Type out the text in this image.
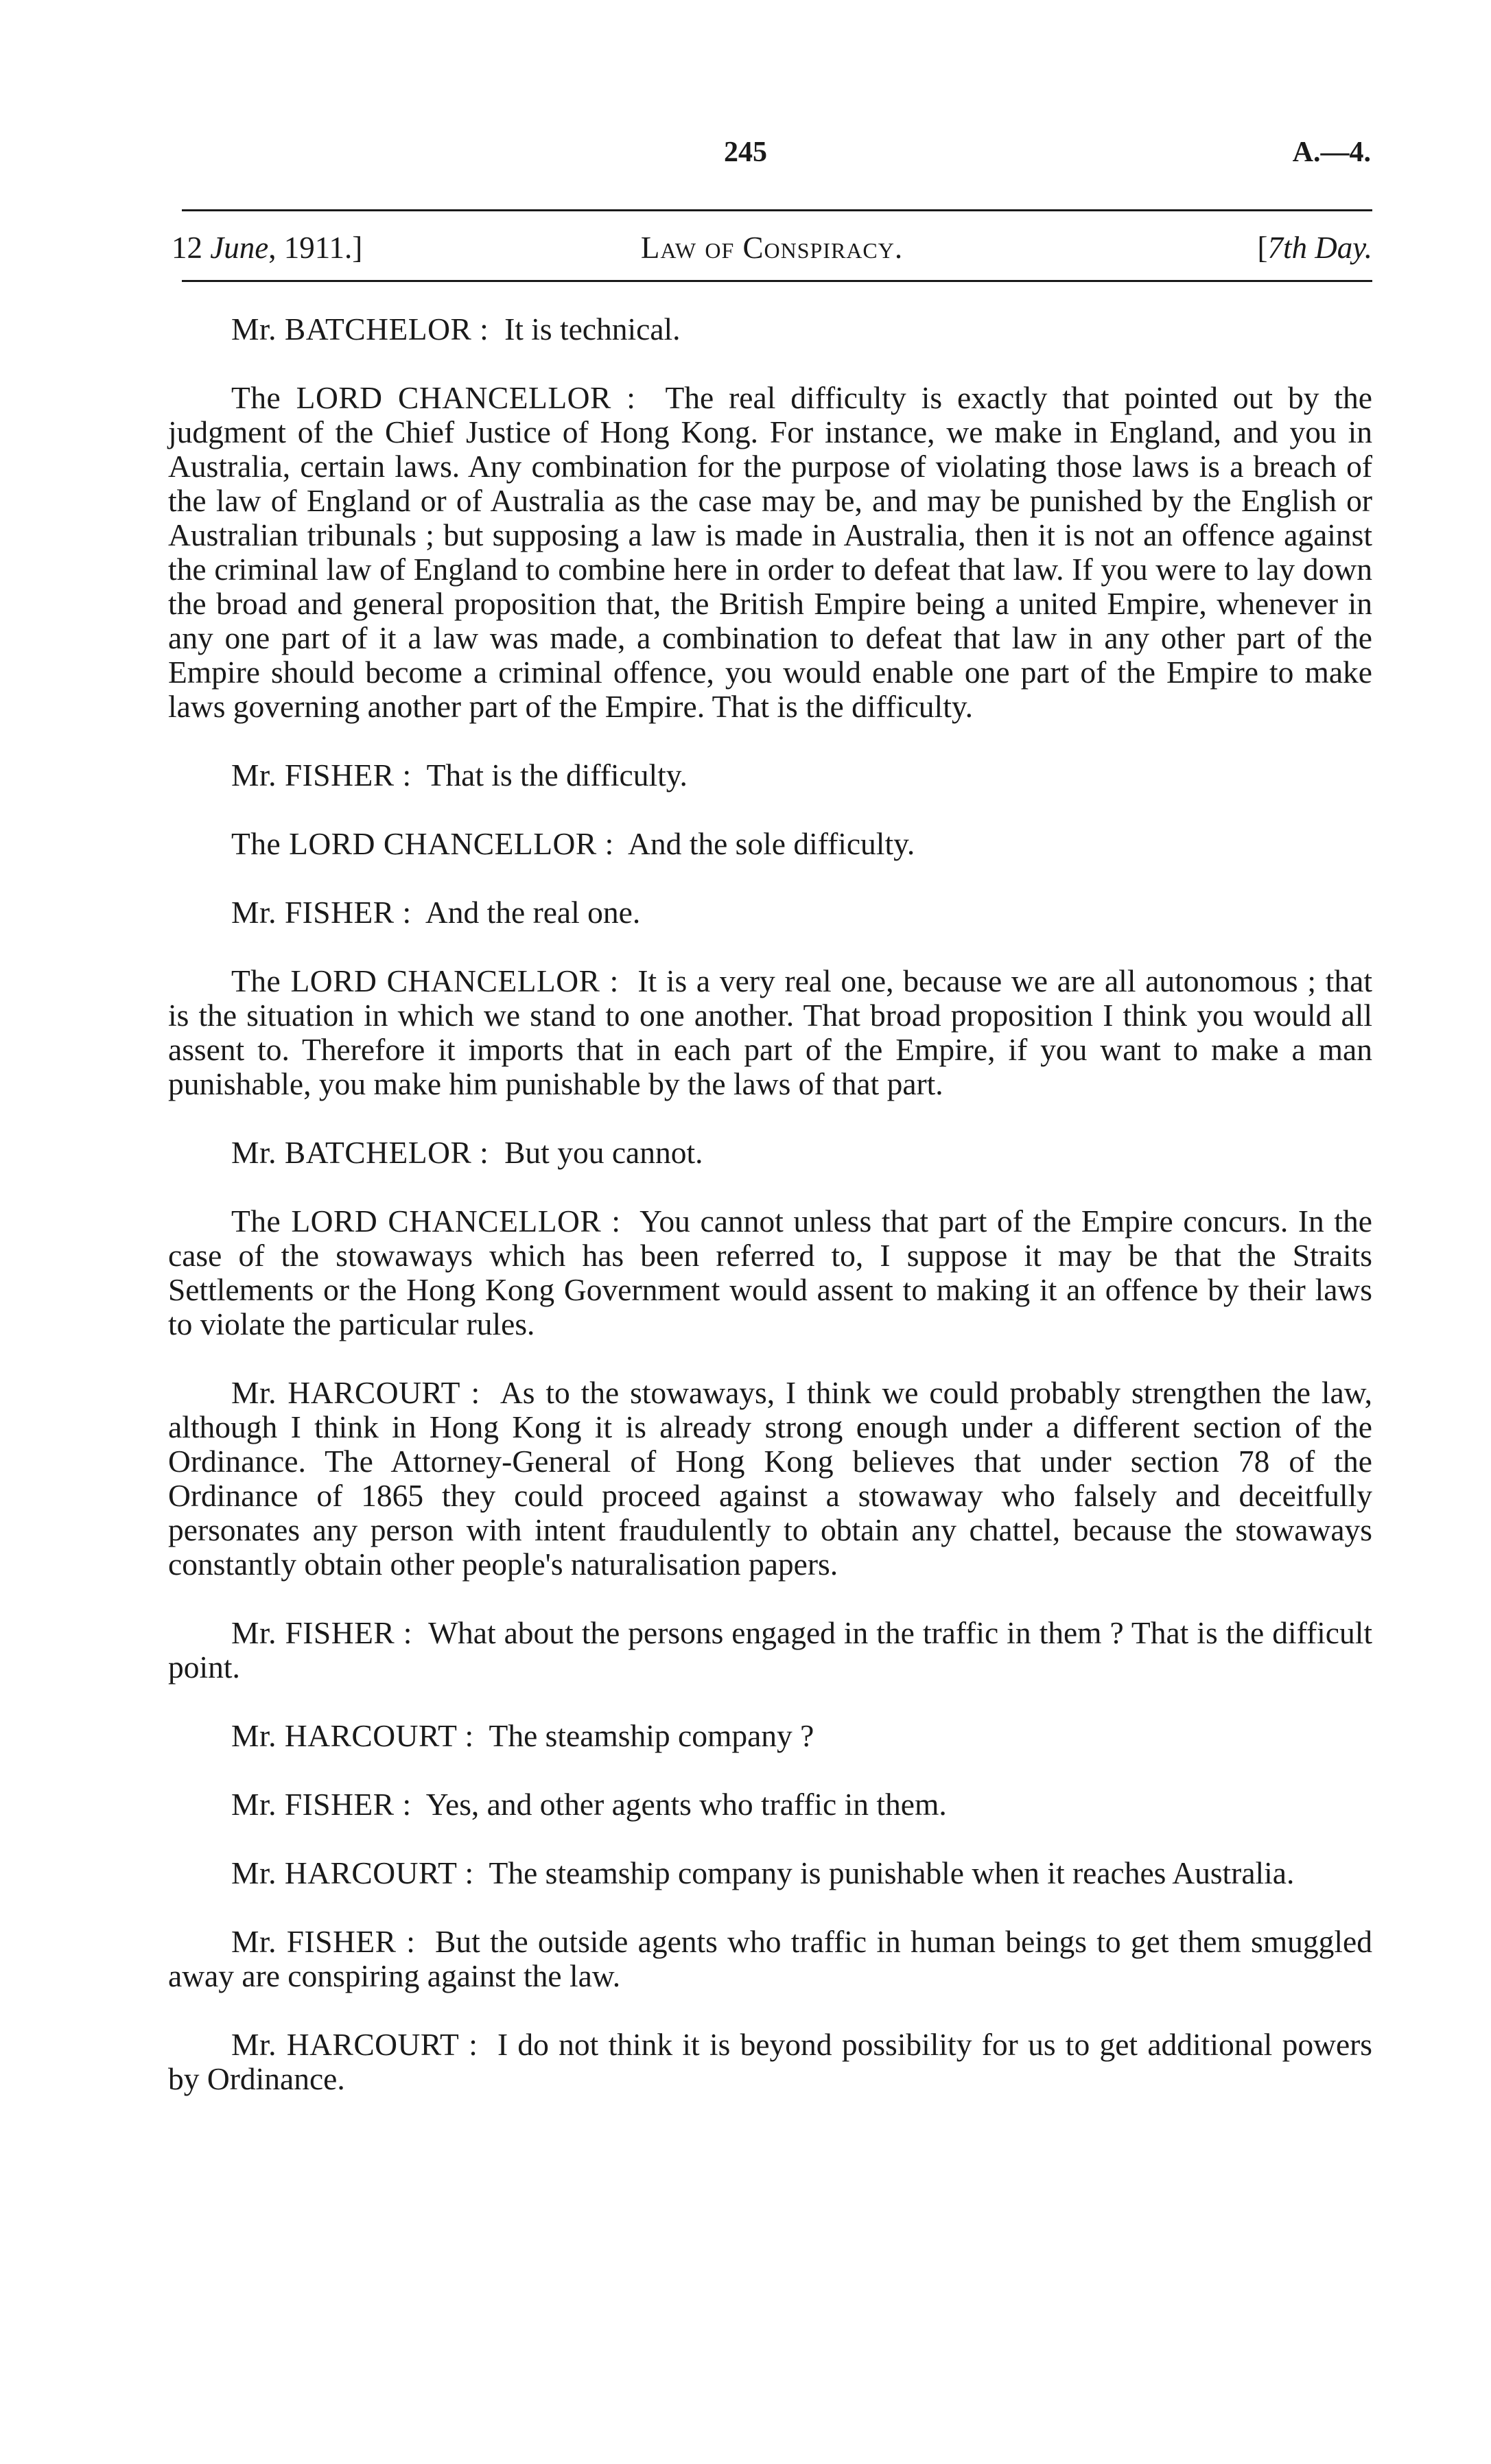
245	A.—4.
12 June, 1911.]	Law of Conspiracy.	[7th Day.

Mr. BATCHELOR : It is technical.

The LORD CHANCELLOR : The real difficulty is exactly that pointed out by the judgment of the Chief Justice of Hong Kong. For instance, we make in England, and you in Australia, certain laws. Any combination for the purpose of violating those laws is a breach of the law of England or of Australia as the case may be, and may be punished by the English or Australian tribunals ; but supposing a law is made in Australia, then it is not an offence against the criminal law of England to combine here in order to defeat that law. If you were to lay down the broad and general proposition that, the British Empire being a united Empire, whenever in any one part of it a law was made, a combination to defeat that law in any other part of the Empire should become a criminal offence, you would enable one part of the Empire to make laws governing another part of the Empire. That is the difficulty.

Mr. FISHER : That is the difficulty.

The LORD CHANCELLOR : And the sole difficulty.

Mr. FISHER : And the real one.

The LORD CHANCELLOR : It is a very real one, because we are all autonomous ; that is the situation in which we stand to one another. That broad proposition I think you would all assent to. Therefore it imports that in each part of the Empire, if you want to make a man punishable, you make him punishable by the laws of that part.

Mr. BATCHELOR : But you cannot.

The LORD CHANCELLOR : You cannot unless that part of the Empire concurs. In the case of the stowaways which has been referred to, I suppose it may be that the Straits Settlements or the Hong Kong Government would assent to making it an offence by their laws to violate the particular rules.

Mr. HARCOURT : As to the stowaways, I think we could probably strengthen the law, although I think in Hong Kong it is already strong enough under a different section of the Ordinance. The Attorney-General of Hong Kong believes that under section 78 of the Ordinance of 1865 they could proceed against a stowaway who falsely and deceitfully personates any person with intent fraudulently to obtain any chattel, because the stowaways constantly obtain other people's naturalisation papers.

Mr. FISHER : What about the persons engaged in the traffic in them ? That is the difficult point.

Mr. HARCOURT : The steamship company ?

Mr. FISHER : Yes, and other agents who traffic in them.

Mr. HARCOURT : The steamship company is punishable when it reaches Australia.

Mr. FISHER : But the outside agents who traffic in human beings to get them smuggled away are conspiring against the law.

Mr. HARCOURT : I do not think it is beyond possibility for us to get additional powers by Ordinance.
